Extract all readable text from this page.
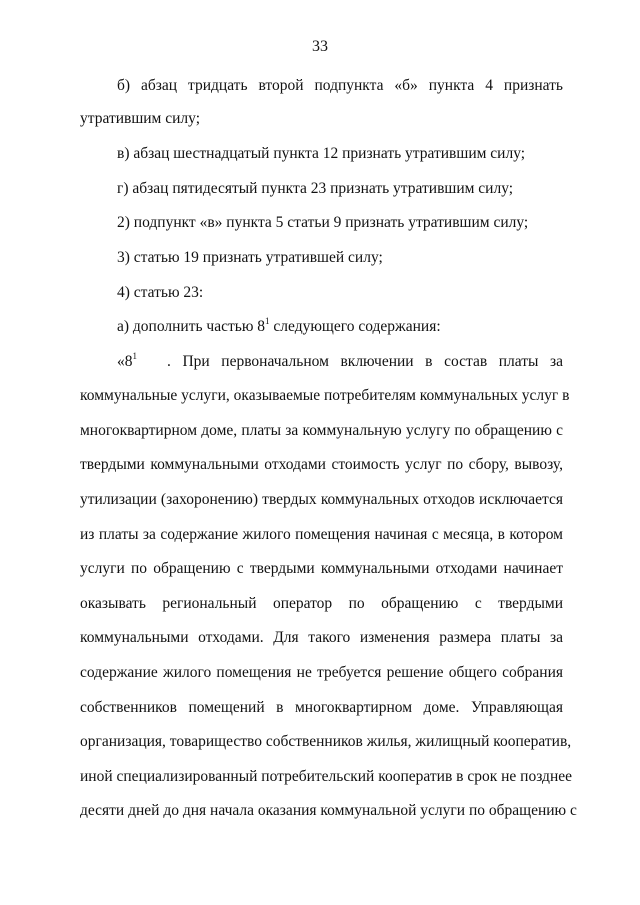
33
б) абзац тридцать второй подпункта «б» пункта 4 признать
утратившим силу;
в) абзац шестнадцатый пункта 12 признать утратившим силу;
г) абзац пятидесятый пункта 23 признать утратившим силу;
2) подпункт «в» пункта 5 статьи 9 признать утратившим силу;
3) статью 19 признать утратившей силу;
4) статью 23:
а) дополнить частью $8^1$ следующего содержания:
«$8^1$	. При первоначальном включении в состав платы за
коммунальные услуги, оказываемые потребителям коммунальных услуг в
многоквартирном доме, платы за коммунальную услугу по обращению с
твердыми коммунальными отходами стоимость услуг по сбору, вывозу,
утилизации (захоронению) твердых коммунальных отходов исключается
из платы за содержание жилого помещения начиная с месяца, в котором
услуги по обращению с твердыми коммунальными отходами начинает
оказывать региональный оператор по обращению с твердыми
коммунальными отходами. Для такого изменения размера платы за
содержание жилого помещения не требуется решение общего собрания
собственников помещений в многоквартирном доме. Управляющая
организация, товарищество собственников жилья, жилищный кооператив,
иной специализированный потребительский кооператив в срок не позднее
десяти дней до дня начала оказания коммунальной услуги по обращению с
